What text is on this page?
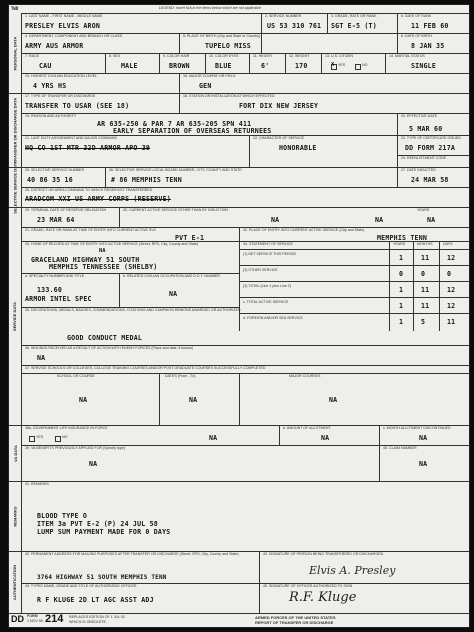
TWD	LEGEND: Insert N/A in the items below which are not applicable
PERSONAL DATA
TRANSFER OR DISCHARGE DATA
SELECTIVE SERVICE DATA
SERVICE DATA
VA DATA
REMARKS
AUTHENTICATION
1. LAST NAME - FIRST NAME - MIDDLE NAME	2. SERVICE NUMBER	3. GRADE, RATE OR RANK	b. DATE OF RANK
PRESLEY ELVIS ARON	US 53 310 761 SGT E-5 (T)	11 FEB 60
4. DEPARTMENT, COMPONENT AND BRANCH OR CLASS	5. PLACE OF BIRTH (City and State or Country)	6. DATE OF BIRTH
ARMY AUS ARMOR	TUPELO MISS	8 JAN 35
7. RACE	8. SEX	9. COLOR HAIR	10. COLOR EYES	11. HEIGHT	12. WEIGHT	13. U.S. CITIZEN	14. MARITAL STATUS
CAU	MALE	BROWN	BLUE	6'	170	X YES	NO	SINGLE
15. HIGHEST CIVILIAN EDUCATION LEVEL	16. MAJOR COURSE OR FIELD
4 YRS HS	GEN
17. TYPE OF TRANSFER OR DISCHARGE	18. STATION OR INSTALLATION AT WHICH EFFECTED
TRANSFER TO USAR (SEE 18)	FORT DIX NEW JERSEY
19. REASON AND AUTHORITY	20. EFFECTIVE DATE
AR 635-250 & PAR 7 AR 635-205 SPN 411
EARLY SEPARATION OF OVERSEAS RETURNEES	5 MAR 60
21. LAST DUTY ASSIGNMENT AND MAJOR COMMAND	22. CHARACTER OF SERVICE	23. TYPE OF CERTIFICATE ISSUED
HQ CO 1ST MTR 32D ARMOR APO 39	HONORABLE	DD FORM 217A
24. REENLISTMENT CODE
25. SELECTIVE SERVICE NUMBER	26. SELECTIVE SERVICE LOCAL BOARD NUMBER, CITY, COUNTY AND STATE	27. DATE INDUCTED
40 86 35 16	# 86 MEMPHIS TENN	24 MAR 58
28. DISTRICT OR AREA COMMAND TO WHICH RESERVIST TRANSFERRED
ARADCOM XXI US ARMY CORPS (RESERVE)
29. TERMINAL DATE OF RESERVE OBLIGATION	30. CURRENT ACTIVE SERVICE OTHER THAN BY INDUCTION
23 MAR 64	NA	NA
YEARS
NA
31. GRADE, RATE OR RANK AT TIME OF ENTRY INTO CURRENT ACTIVE SVC	32. PLACE OF ENTRY INTO CURRENT ACTIVE SERVICE (City and State)
PVT E-1	MEMPHIS TENN
33. HOME OF RECORD AT TIME OF ENTRY INTO ACTIVE SERVICE (Street, RFD, City, County and State)
GRACELAND HIGHWAY 51 SOUTH
MEMPHIS TENNESSEE (SHELBY)
NA
34. STATEMENT OF SERVICE	YEARS	MONTHS	DAYS
(1) NET SERVICE THIS PERIOD	1	11	12
(2) OTHER SERVICE	0	0	0
(3) TOTAL (Line 1 plus Line 2)	1	11	12
c. TOTAL ACTIVE SERVICE	1	11	12
d. FOREIGN AND/OR SEA SERVICE	1	5	11
a. SPECIALTY NUMBER AND TITLE	b. RELATED CIVILIAN OCCUPATION AND D.O.T. NUMBER
133.60
ARMOR INTEL SPEC
NA
35. DECORATIONS, MEDALS, BADGES, COMMENDATIONS, CITATIONS AND CAMPAIGN RIBBONS AWARDED OR AUTHORIZED
GOOD CONDUCT MEDAL
36. WOUNDS RECEIVED AS A RESULT OF ACTION WITH ENEMY FORCES (Place and date, if known)
NA
37. SERVICE SCHOOLS OR COLLEGES, COLLEGE TRAINING COURSES AND/OR POST-GRADUATE COURSES SUCCESSFULLY COMPLETED
SCHOOL OR COURSE	DATES (From - To)	MAJOR COURSES
NA	NA	NA
38a. GOVERNMENT LIFE INSURANCE IN FORCE	b. AMOUNT OF ALLOTMENT	c. MONTH ALLOTMENT DISCONTINUED
YES	NO	NA	NA	NA
39. VA BENEFITS PREVIOUSLY APPLIED FOR (Specify type)	40. CLAIM NUMBER
NA	NA
41. REMARKS
BLOOD TYPE O
ITEM 3a PVT E-2 (P) 24 JUL 58
LUMP SUM PAYMENT MADE FOR 0 DAYS
42. PERMANENT ADDRESS FOR MAILING PURPOSES AFTER TRANSFER OR DISCHARGE (Street, RFD, City, County and State)	43. SIGNATURE OF PERSON BEING TRANSFERRED OR DISCHARGED
3764 HIGHWAY 51 SOUTH MEMPHIS TENN
Elvis A. Presley
44. TYPED NAME, GRADE AND TITLE OF AUTHORIZING OFFICER	45. SIGNATURE OF OFFICER AUTHORIZED TO SIGN
R F KLUGE 2D LT AGC ASST ADJ	R.F. Kluge
DD FORM
1 NOV 55 214 REPLACES EDITION OF 1 JUL 52
WHICH IS OBSOLETE.
ARMED FORCES OF THE UNITED STATES
REPORT OF TRANSFER OR DISCHARGE
